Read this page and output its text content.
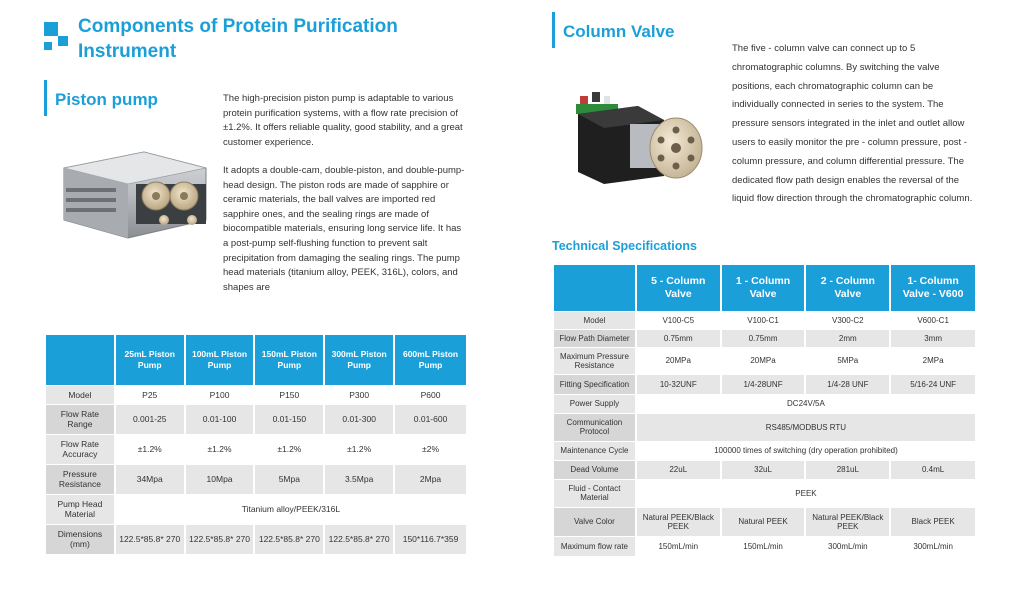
Components of Protein Purification
Instrument
Piston pump	The high-precision piston pump is adaptable to various protein purification systems, with a flow rate precision of ±1.2%. It offers reliable quality, good stability, and a great customer experience.
It adopts a double-cam, double-piston, and double-pump-head design. The piston rods are made of sapphire or ceramic materials, the ball valves are imported red sapphire ones, and the sealing rings are made of biocompatible materials, ensuring long service life. It has a post-pump self-flushing function to prevent salt precipitation from damaging the sealing rings. The pump head materials (titanium alloy, PEEK, 316L), colors, and shapes are
Column Valve
The five - column valve can connect up to 5 chromatographic columns. By switching the valve positions, each chromatographic column can be individually connected in series to the system. The pressure sensors integrated in the inlet and outlet allow users to easily monitor the pre - column pressure, post - column pressure, and column differential pressure. The dedicated flow path design enables the reversal of the liquid flow direction through the chromatographic column.
Technical Specifications
	25mL Piston Pump	100mL Piston Pump	150mL Piston Pump	300mL Piston Pump	600mL Piston Pump
Model	P25	P100	P150	P300	P600
Flow Rate Range	0.001-25	0.01-100	0.01-150	0.01-300	0.01-600
Flow Rate Accuracy	±1.2%	±1.2%	±1.2%	±1.2%	±2%
Pressure Resistance	34Mpa	10Mpa	5Mpa	3.5Mpa	2Mpa
Pump Head Material	Titanium alloy/PEEK/316L				
Dimensions (mm)	122.5*85.8* 270	122.5*85.8* 270	122.5*85.8* 270	122.5*85.8* 270	150*116.7*359
	5 - Column Valve	1 - Column Valve	2 - Column Valve	1- Column Valve - V600
Model	V100-C5	V100-C1	V300-C2	V600-C1
Flow Path Diameter	0.75mm	0.75mm	2mm	3mm
Maximum Pressure Resistance	20MPa	20MPa	5MPa	2MPa
Fitting Specification	10-32UNF	1/4-28UNF	1/4-28 UNF	5/16-24 UNF
Power Supply	DC24V/5A			
Communication Protocol	RS485/MODBUS RTU			
Maintenance Cycle	100000 times of switching (dry operation prohibited)			
Dead Volume	22uL	32uL	281uL	0.4mL
Fluid - Contact Material	PEEK			
Valve Color	Natural PEEK/Black PEEK	Natural PEEK	Natural PEEK/Black PEEK	Black PEEK
Maximum flow rate	150mL/min	150mL/min	300mL/min	300mL/min
